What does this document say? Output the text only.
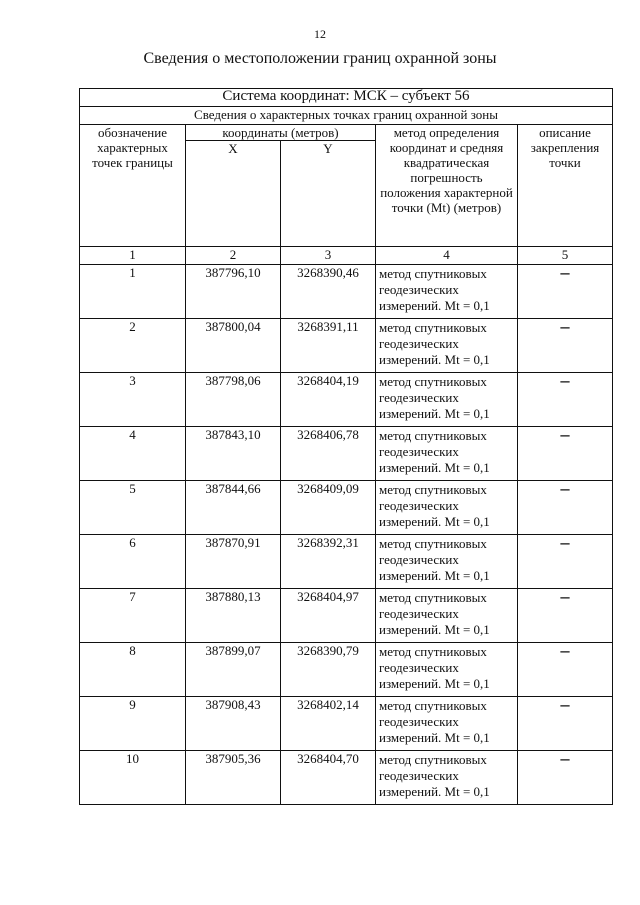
12
Сведения о местоположении границ охранной зоны
Система координат: МСК – субъект 56				
Сведения о характерных точках границ охранной зоны				
обозначение характерных точек границы	координаты (метров)		метод определения координат и средняя квадратическая погрешность положения характерной точки (Mt) (метров)	описание закрепления точки
	X	Y		
1	2	3	4	5
1	387796,10	3268390,46	метод спутниковых геодезических измерений. Mt = 0,1	–
2	387800,04	3268391,11	метод спутниковых геодезических измерений. Mt = 0,1	–
3	387798,06	3268404,19	метод спутниковых геодезических измерений. Mt = 0,1	–
4	387843,10	3268406,78	метод спутниковых геодезических измерений. Mt = 0,1	–
5	387844,66	3268409,09	метод спутниковых геодезических измерений. Mt = 0,1	–
6	387870,91	3268392,31	метод спутниковых геодезических измерений. Mt = 0,1	–
7	387880,13	3268404,97	метод спутниковых геодезических измерений. Mt = 0,1	–
8	387899,07	3268390,79	метод спутниковых геодезических измерений. Mt = 0,1	–
9	387908,43	3268402,14	метод спутниковых геодезических измерений. Mt = 0,1	–
10	387905,36	3268404,70	метод спутниковых геодезических измерений. Mt = 0,1	–
